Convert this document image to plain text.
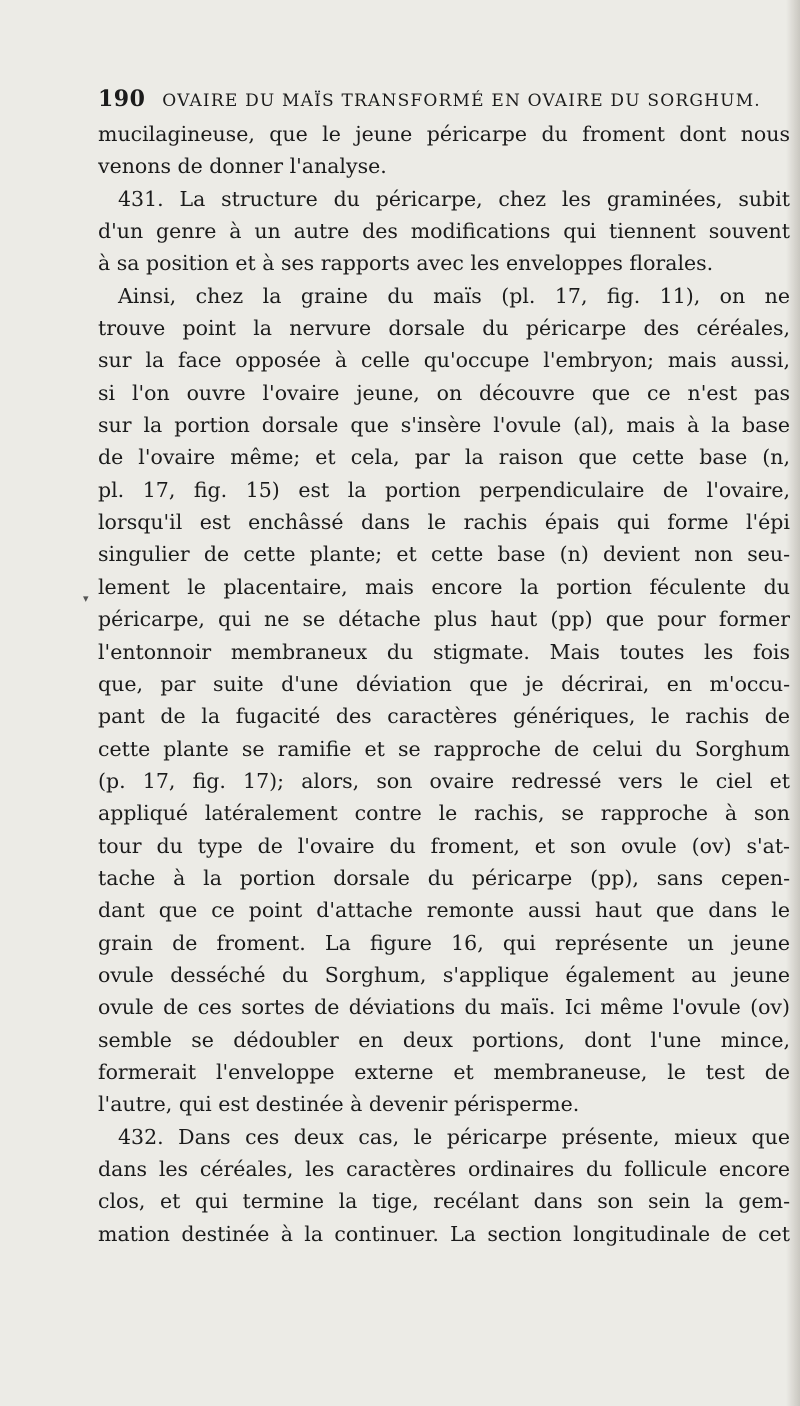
190 OVAIRE DU MAÏS TRANSFORMÉ EN OVAIRE DU SORGHUM.
▾
mucilagineuse, que le jeune péricarpe du froment dont nous
venons de donner l'analyse.
431. La structure du péricarpe, chez les graminées, subit
d'un genre à un autre des modifications qui tiennent souvent
à sa position et à ses rapports avec les enveloppes florales.
Ainsi, chez la graine du maïs (pl. 17, fig. 11), on ne
trouve point la nervure dorsale du péricarpe des céréales,
sur la face opposée à celle qu'occupe l'embryon; mais aussi,
si l'on ouvre l'ovaire jeune, on découvre que ce n'est pas
sur la portion dorsale que s'insère l'ovule (al), mais à la base
de l'ovaire même; et cela, par la raison que cette base (n,
pl. 17, fig. 15) est la portion perpendiculaire de l'ovaire,
lorsqu'il est enchâssé dans le rachis épais qui forme l'épi
singulier de cette plante; et cette base (n) devient non seu-
lement le placentaire, mais encore la portion féculente du
péricarpe, qui ne se détache plus haut (pp) que pour former
l'entonnoir membraneux du stigmate. Mais toutes les fois
que, par suite d'une déviation que je décrirai, en m'occu-
pant de la fugacité des caractères génériques, le rachis de
cette plante se ramifie et se rapproche de celui du Sorghum
(p. 17, fig. 17); alors, son ovaire redressé vers le ciel et
appliqué latéralement contre le rachis, se rapproche à son
tour du type de l'ovaire du froment, et son ovule (ov) s'at-
tache à la portion dorsale du péricarpe (pp), sans cepen-
dant que ce point d'attache remonte aussi haut que dans le
grain de froment. La figure 16, qui représente un jeune
ovule desséché du Sorghum, s'applique également au jeune
ovule de ces sortes de déviations du maïs. Ici même l'ovule (ov)
semble se dédoubler en deux portions, dont l'une mince,
formerait l'enveloppe externe et membraneuse, le test de
l'autre, qui est destinée à devenir périsperme.
432. Dans ces deux cas, le péricarpe présente, mieux que
dans les céréales, les caractères ordinaires du follicule encore
clos, et qui termine la tige, recélant dans son sein la gem-
mation destinée à la continuer. La section longitudinale de cet
